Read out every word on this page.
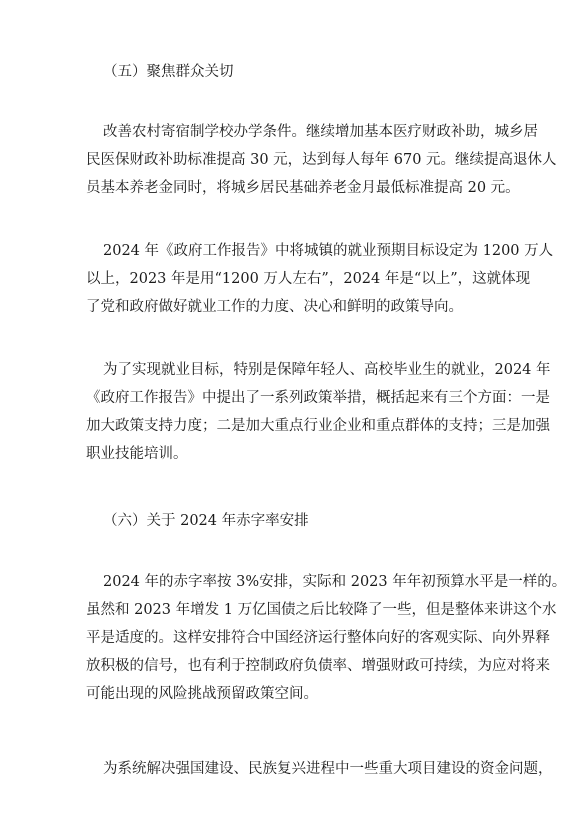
（五）聚焦群众关切
改善农村寄宿制学校办学条件。继续增加基本医疗财政补助，城乡居
民医保财政补助标准提高 30 元，达到每人每年 670 元。继续提高退休人
员基本养老金同时，将城乡居民基础养老金月最低标准提高 20 元。
2024 年《政府工作报告》中将城镇的就业预期目标设定为 1200 万人
以上，2023 年是用“1200 万人左右”，2024 年是“以上”，这就体现
了党和政府做好就业工作的力度、决心和鲜明的政策导向。
为了实现就业目标，特别是保障年轻人、高校毕业生的就业，2024 年
《政府工作报告》中提出了一系列政策举措，概括起来有三个方面：一是
加大政策支持力度；二是加大重点行业企业和重点群体的支持；三是加强
职业技能培训。
（六）关于 2024 年赤字率安排
2024 年的赤字率按 3%安排，实际和 2023 年年初预算水平是一样的。
虽然和 2023 年增发 1 万亿国债之后比较降了一些，但是整体来讲这个水
平是适度的。这样安排符合中国经济运行整体向好的客观实际、向外界释
放积极的信号，也有利于控制政府负债率、增强财政可持续，为应对将来
可能出现的风险挑战预留政策空间。
为系统解决强国建设、民族复兴进程中一些重大项目建设的资金问题，
